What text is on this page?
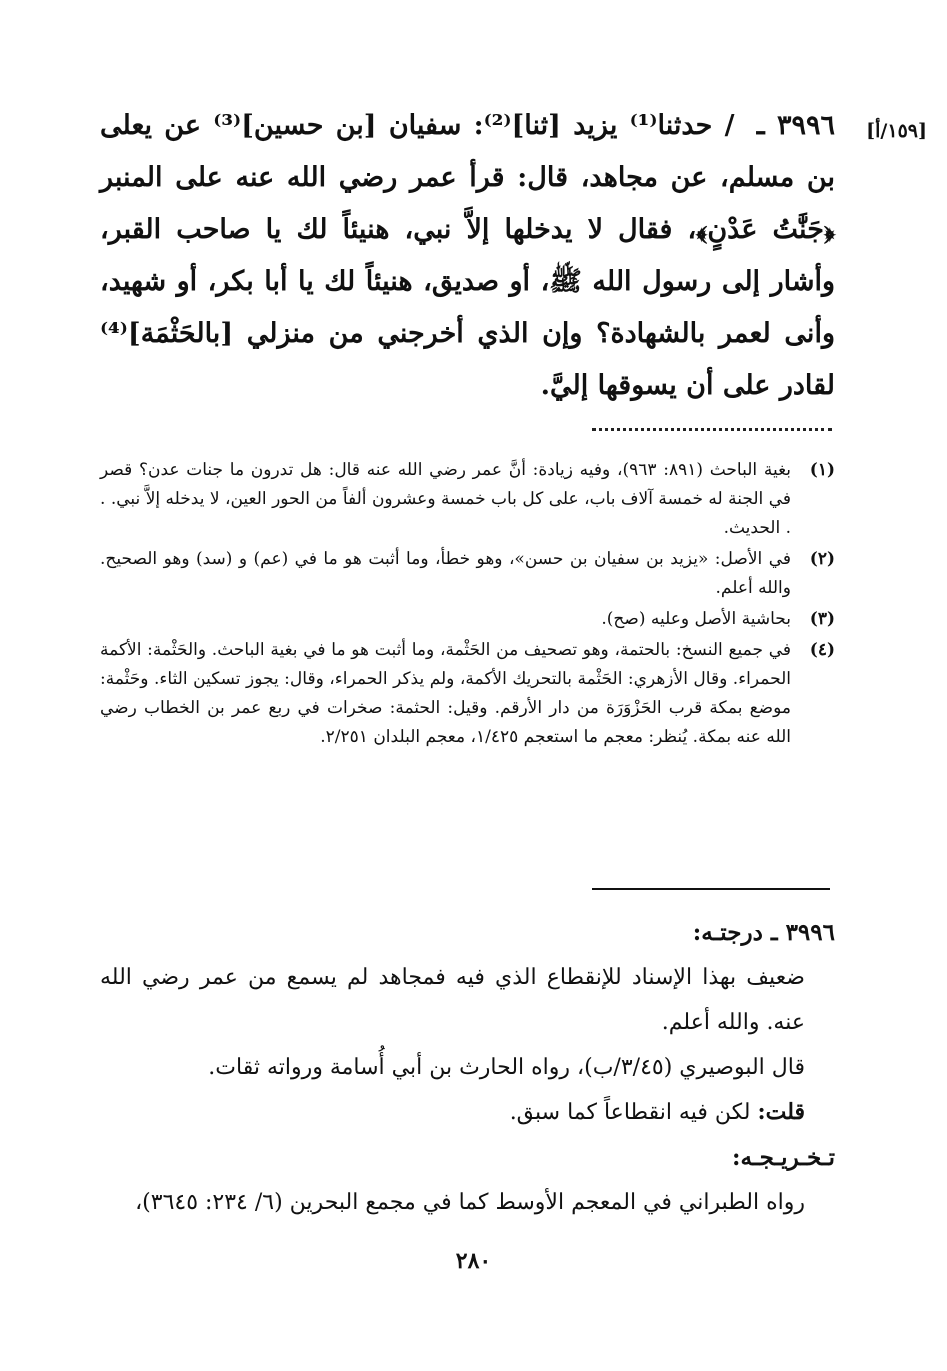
[١٥٩/أ]
٣٩٩٦ ـ / حدثنا⁽¹⁾ يزيد [ثنا]⁽²⁾: سفيان [بن حسين]⁽³⁾ عن يعلى بن مسلم، عن مجاهد، قال: قرأ عمر رضي الله عنه على المنبر ﴿جَنَّٰتُ عَدْنٍ﴾، فقال لا يدخلها إلاَّ نبي، هنيئاً لك يا صاحب القبر، وأشار إلى رسول الله ﷺ، أو صديق، هنيئاً لك يا أبا بكر، أو شهيد، وأنى لعمر بالشهادة؟ وإن الذي أخرجني من منزلي [بالحَثْمَة]⁽⁴⁾ لقادر على أن يسوقها إليَّ.
(١)
بغية الباحث (٨٩١: ٩٦٣)، وفيه زيادة: أنَّ عمر رضي الله عنه قال: هل تدرون ما جنات عدن؟ قصر في الجنة له خمسة آلاف باب، على كل باب خمسة وعشرون ألفاً من الحور العين، لا يدخله إلاَّ نبي. . . الحديث.
(٢)
في الأصل: «يزيد بن سفيان بن حسن»، وهو خطأ، وما أثبت هو ما في (عم) و (سد) وهو الصحيح. والله أعلم.
(٣)
بحاشية الأصل وعليه (صح).
(٤)
في جميع النسخ: بالحتمة، وهو تصحيف من الحَثْمة، وما أثبت هو ما في بغية الباحث. والحَثْمة: الأكمة الحمراء. وقال الأزهري: الحَثْمة بالتحريك الأكمة، ولم يذكر الحمراء، وقال: يجوز تسكين الثاء. وحَثْمة: موضع بمكة قرب الحَزْوَرَة من دار الأرقم. وقيل: الحثمة: صخرات في ربع عمر بن الخطاب رضي الله عنه بمكة. يُنظر: معجم ما استعجم ١/٤٢٥، معجم البلدان ٢/٢٥١.
٣٩٩٦ ـ درجتـه:
ضعيف بهذا الإسناد للإنقطاع الذي فيه فمجاهد لم يسمع من عمر رضي الله عنه. والله أعلم.
قال البوصيري (٣/٤٥/ب)، رواه الحارث بن أبي أُسامة ورواته ثقات.
قلت: لكن فيه انقطاعاً كما سبق.
تـخـريـجـه:
رواه الطبراني في المعجم الأوسط كما في مجمع البحرين (٦/ ٢٣٤: ٣٦٤٥)،
٢٨٠
